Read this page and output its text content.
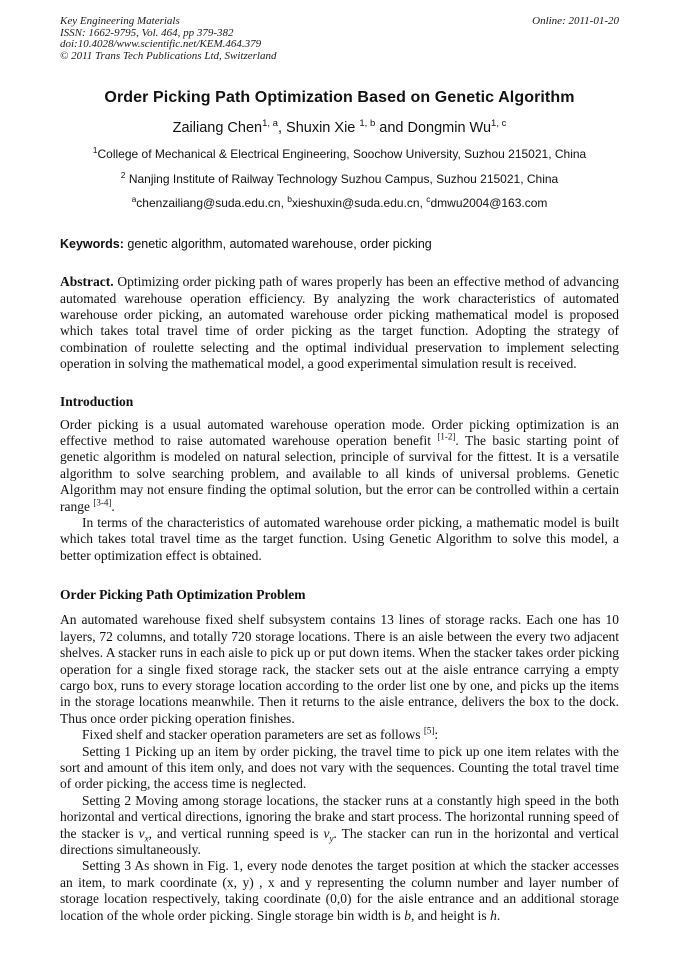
Key Engineering Materials
ISSN: 1662-9795, Vol. 464, pp 379-382
doi:10.4028/www.scientific.net/KEM.464.379
© 2011 Trans Tech Publications Ltd, Switzerland
Online: 2011-01-20
Order Picking Path Optimization Based on Genetic Algorithm
Zailiang Chen$^{1, a}$, Shuxin Xie $^{1, b}$ and Dongmin Wu$^{1, c}$
$^1$College of Mechanical & Electrical Engineering, Soochow University, Suzhou 215021, China
$^2$ Nanjing Institute of Railway Technology Suzhou Campus, Suzhou 215021, China
$^a$chenzailiang@suda.edu.cn, $^b$xieshuxin@suda.edu.cn, $^c$dmwu2004@163.com
Keywords: genetic algorithm, automated warehouse, order picking

Abstract. Optimizing order picking path of wares properly has been an effective method of advancing automated warehouse operation efficiency. By analyzing the work characteristics of automated warehouse order picking, an automated warehouse order picking mathematical model is proposed which takes total travel time of order picking as the target function. Adopting the strategy of combination of roulette selecting and the optimal individual preservation to implement selecting operation in solving the mathematical model, a good experimental simulation result is received.

Introduction

Order picking is a usual automated warehouse operation mode. Order picking optimization is an effective method to raise automated warehouse operation benefit [1-2]. The basic starting point of genetic algorithm is modeled on natural selection, principle of survival for the fittest. It is a versatile algorithm to solve searching problem, and available to all kinds of universal problems. Genetic Algorithm may not ensure finding the optimal solution, but the error can be controlled within a certain range [3-4].

In terms of the characteristics of automated warehouse order picking, a mathematic model is built which takes total travel time as the target function. Using Genetic Algorithm to solve this model, a better optimization effect is obtained.

Order Picking Path Optimization Problem

An automated warehouse fixed shelf subsystem contains 13 lines of storage racks. Each one has 10 layers, 72 columns, and totally 720 storage locations. There is an aisle between the every two adjacent shelves. A stacker runs in each aisle to pick up or put down items. When the stacker takes order picking operation for a single fixed storage rack, the stacker sets out at the aisle entrance carrying a empty cargo box, runs to every storage location according to the order list one by one, and picks up the items in the storage locations meanwhile. Then it returns to the aisle entrance, delivers the box to the dock. Thus once order picking operation finishes.

Fixed shelf and stacker operation parameters are set as follows [5]:

Setting 1 Picking up an item by order picking, the travel time to pick up one item relates with the sort and amount of this item only, and does not vary with the sequences. Counting the total travel time of order picking, the access time is neglected.

Setting 2 Moving among storage locations, the stacker runs at a constantly high speed in the both horizontal and vertical directions, ignoring the brake and start process. The horizontal running speed of the stacker is $v_x$, and vertical running speed is $v_y$. The stacker can run in the horizontal and vertical directions simultaneously.

Setting 3 As shown in Fig. 1, every node denotes the target position at which the stacker accesses an item, to mark coordinate (x, y) , x and y representing the column number and layer number of storage location respectively, taking coordinate (0,0) for the aisle entrance and an additional storage location of the whole order picking. Single storage bin width is b, and height is h.
